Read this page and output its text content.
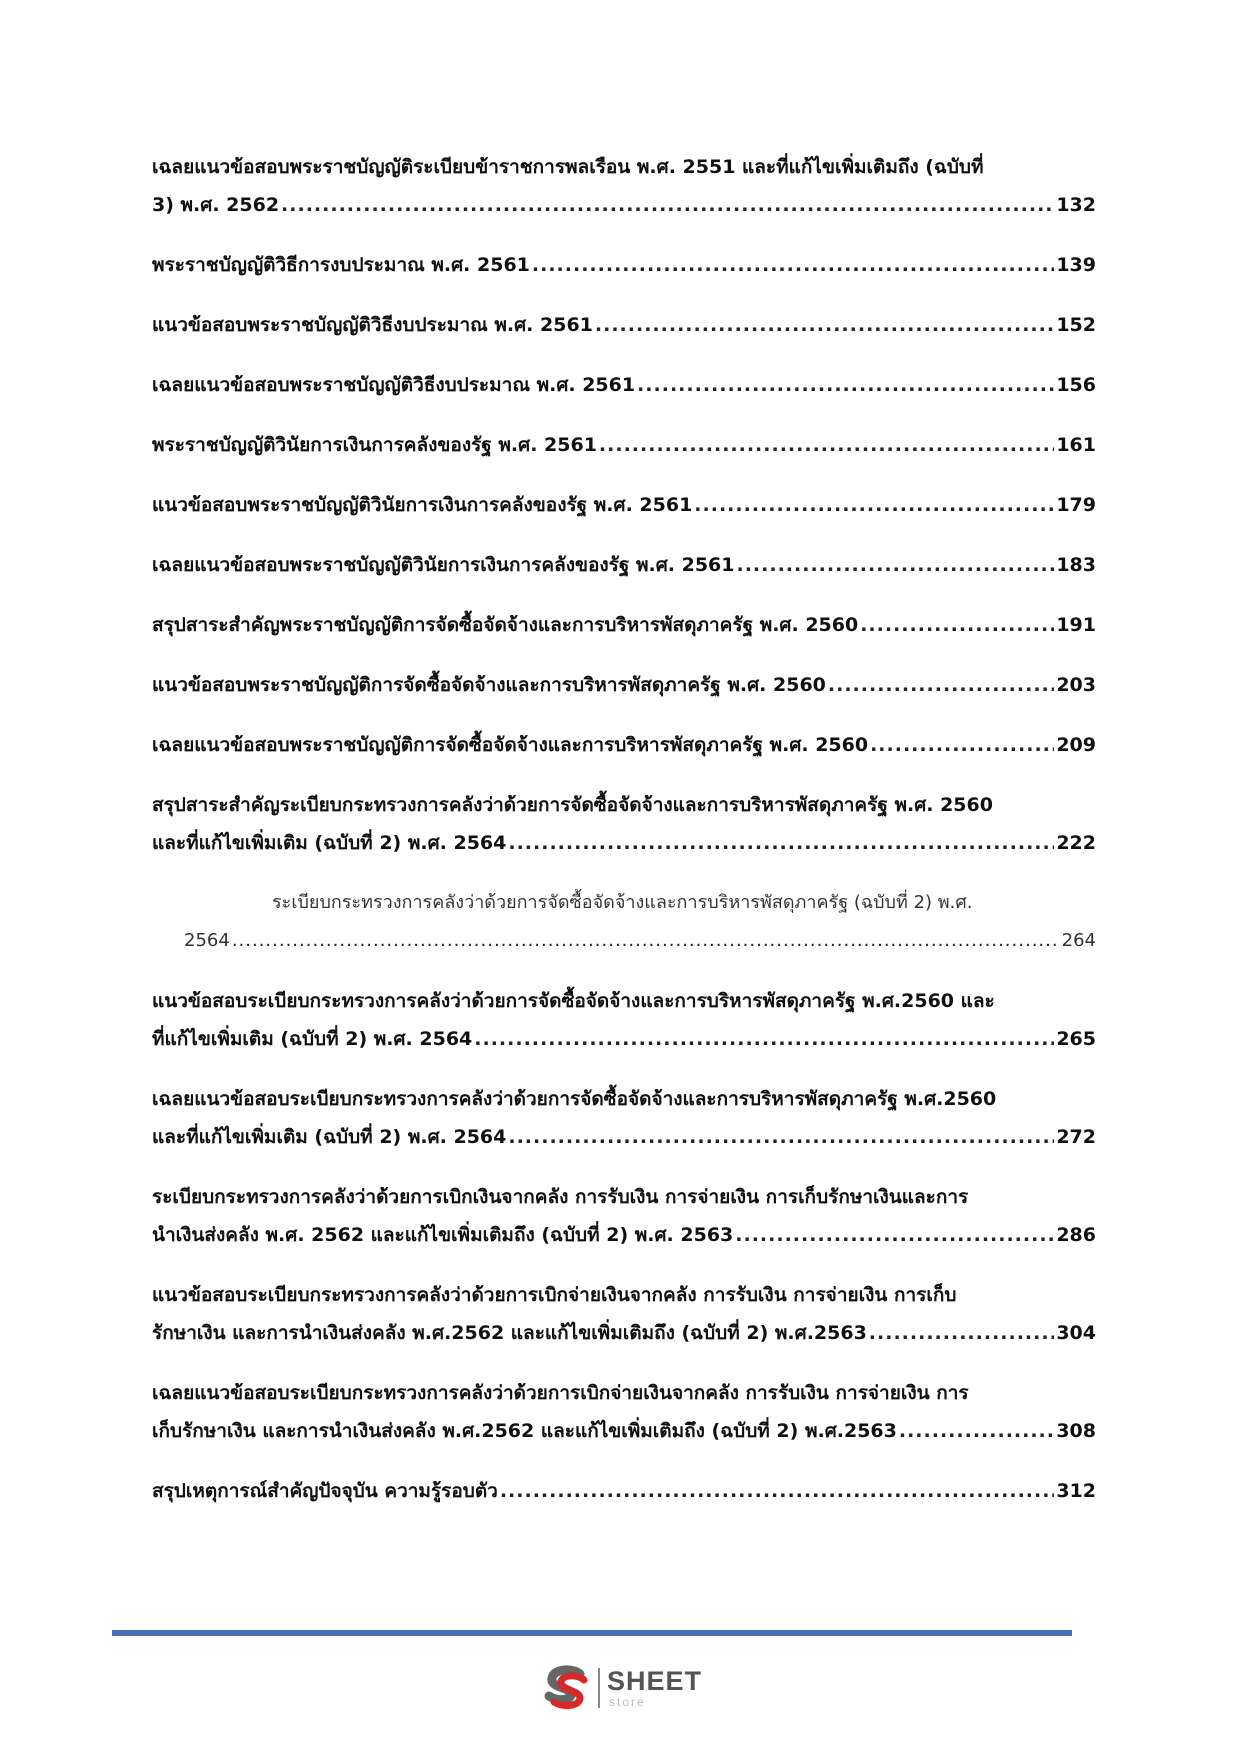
เฉลยแนวข้อสอบพระราชบัญญัติระเบียบข้าราชการพลเรือน พ.ศ. 2551 และที่แก้ไขเพิ่มเติมถึง (ฉบับที่
3) พ.ศ. 2562 .....	132
พระราชบัญญัติวิธีการงบประมาณ พ.ศ. 2561 .....	139
แนวข้อสอบพระราชบัญญัติวิธีงบประมาณ พ.ศ. 2561 .....	152
เฉลยแนวข้อสอบพระราชบัญญัติวิธีงบประมาณ พ.ศ. 2561 .....	156
พระราชบัญญัติวินัยการเงินการคลังของรัฐ พ.ศ. 2561 .....	161
แนวข้อสอบพระราชบัญญัติวินัยการเงินการคลังของรัฐ พ.ศ. 2561 .....	179
เฉลยแนวข้อสอบพระราชบัญญัติวินัยการเงินการคลังของรัฐ พ.ศ. 2561 .....	183
สรุปสาระสำคัญพระราชบัญญัติการจัดซื้อจัดจ้างและการบริหารพัสดุภาครัฐ พ.ศ. 2560 .....	191
แนวข้อสอบพระราชบัญญัติการจัดซื้อจัดจ้างและการบริหารพัสดุภาครัฐ พ.ศ. 2560 .....	203
เฉลยแนวข้อสอบพระราชบัญญัติการจัดซื้อจัดจ้างและการบริหารพัสดุภาครัฐ พ.ศ. 2560 .....	209
สรุปสาระสำคัญระเบียบกระทรวงการคลังว่าด้วยการจัดซื้อจัดจ้างและการบริหารพัสดุภาครัฐ พ.ศ. 2560
และที่แก้ไขเพิ่มเติม (ฉบับที่ 2) พ.ศ. 2564 .....	222
ระเบียบกระทรวงการคลังว่าด้วยการจัดซื้อจัดจ้างและการบริหารพัสดุภาครัฐ (ฉบับที่ 2) พ.ศ.
2564 .....	264
แนวข้อสอบระเบียบกระทรวงการคลังว่าด้วยการจัดซื้อจัดจ้างและการบริหารพัสดุภาครัฐ พ.ศ.2560 และ
ที่แก้ไขเพิ่มเติม (ฉบับที่ 2) พ.ศ. 2564 .....	265
เฉลยแนวข้อสอบระเบียบกระทรวงการคลังว่าด้วยการจัดซื้อจัดจ้างและการบริหารพัสดุภาครัฐ พ.ศ.2560
และที่แก้ไขเพิ่มเติม (ฉบับที่ 2) พ.ศ. 2564 .....	272
ระเบียบกระทรวงการคลังว่าด้วยการเบิกเงินจากคลัง การรับเงิน การจ่ายเงิน การเก็บรักษาเงินและการ
นำเงินส่งคลัง พ.ศ. 2562 และแก้ไขเพิ่มเติมถึง (ฉบับที่ 2) พ.ศ. 2563 .....	286
แนวข้อสอบระเบียบกระทรวงการคลังว่าด้วยการเบิกจ่ายเงินจากคลัง การรับเงิน การจ่ายเงิน การเก็บ
รักษาเงิน และการนำเงินส่งคลัง พ.ศ.2562 และแก้ไขเพิ่มเติมถึง (ฉบับที่ 2) พ.ศ.2563 .....	304
เฉลยแนวข้อสอบระเบียบกระทรวงการคลังว่าด้วยการเบิกจ่ายเงินจากคลัง การรับเงิน การจ่ายเงิน การ
เก็บรักษาเงิน และการนำเงินส่งคลัง พ.ศ.2562 และแก้ไขเพิ่มเติมถึง (ฉบับที่ 2) พ.ศ.2563 .....	308
สรุปเหตุการณ์สำคัญปัจจุบัน ความรู้รอบตัว .....	312
SHEET
store
